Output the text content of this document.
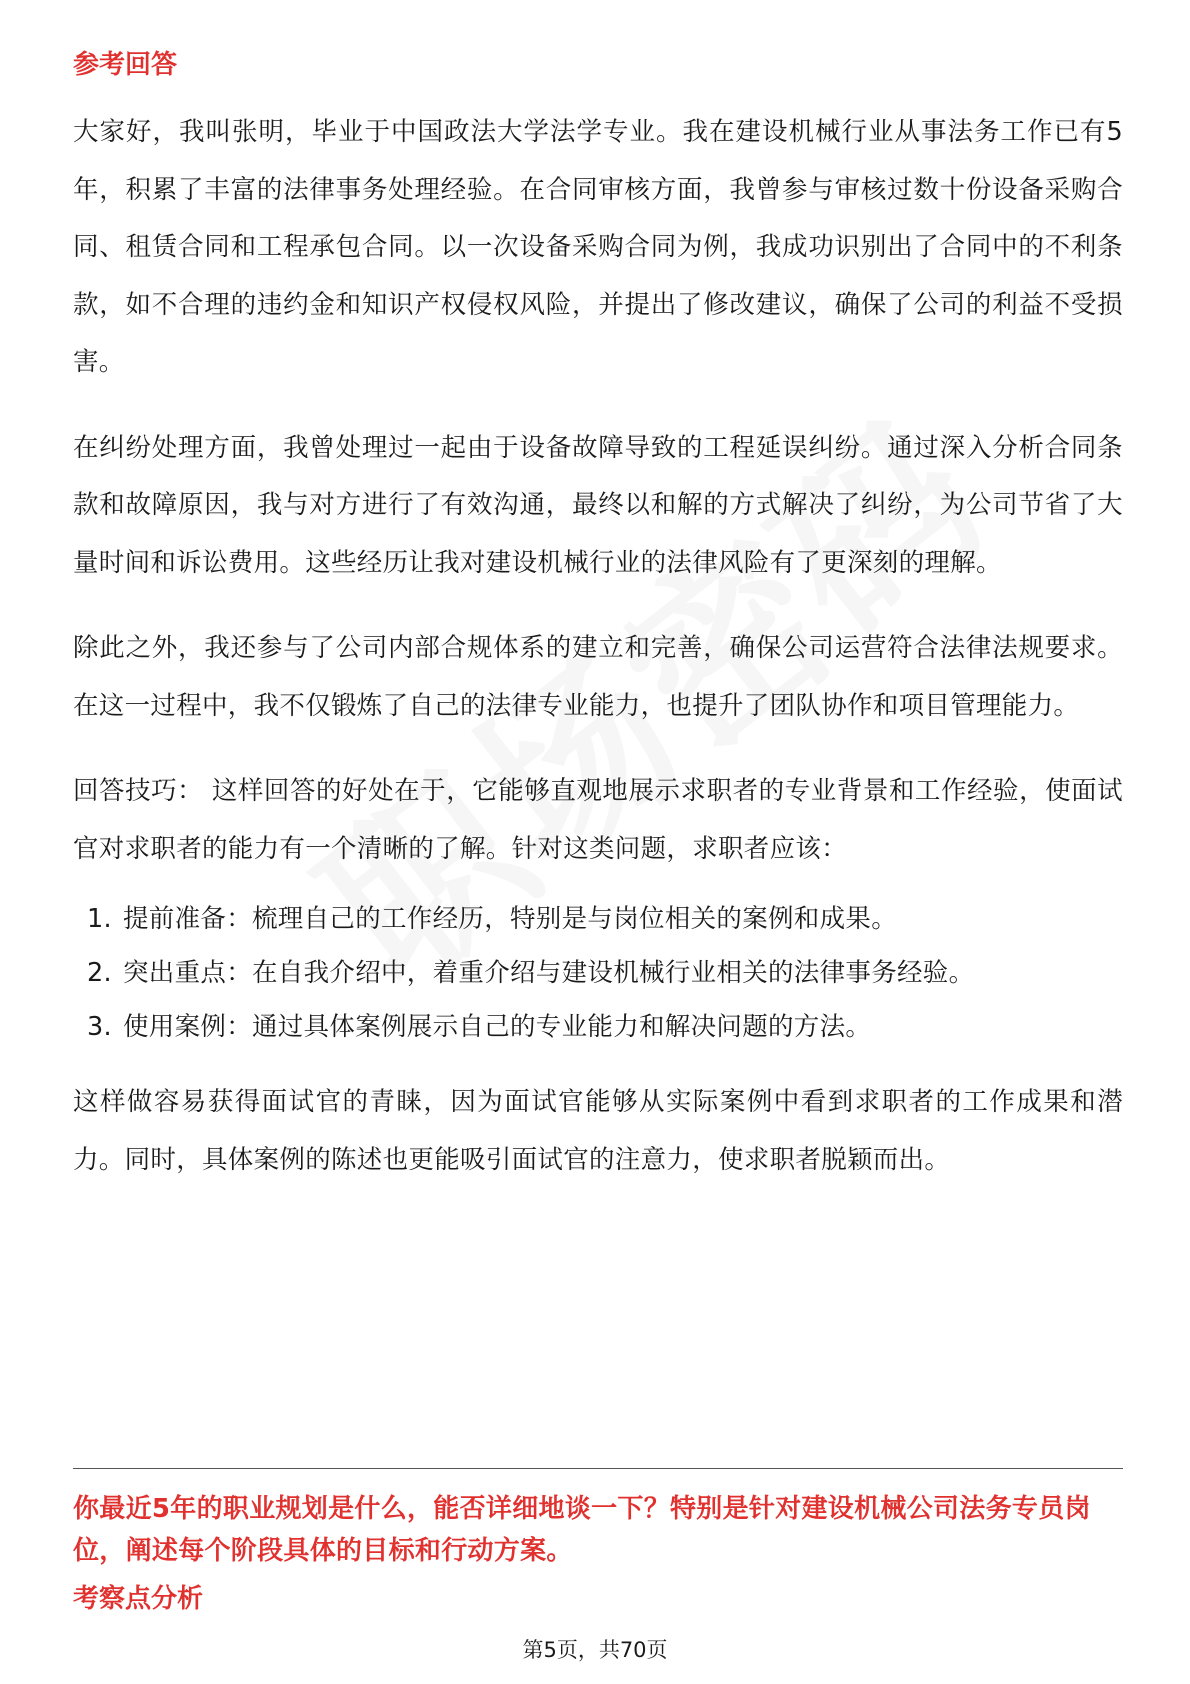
参考回答

大家好，我叫张明，毕业于中国政法大学法学专业。我在建设机械行业从事法务工作已有5年，积累了丰富的法律事务处理经验。在合同审核方面，我曾参与审核过数十份设备采购合同、租赁合同和工程承包合同。以一次设备采购合同为例，我成功识别出了合同中的不利条款，如不合理的违约金和知识产权侵权风险，并提出了修改建议，确保了公司的利益不受损害。

在纠纷处理方面，我曾处理过一起由于设备故障导致的工程延误纠纷。通过深入分析合同条款和故障原因，我与对方进行了有效沟通，最终以和解的方式解决了纠纷，为公司节省了大量时间和诉讼费用。这些经历让我对建设机械行业的法律风险有了更深刻的理解。

除此之外，我还参与了公司内部合规体系的建立和完善，确保公司运营符合法律法规要求。在这一过程中，我不仅锻炼了自己的法律专业能力，也提升了团队协作和项目管理能力。

回答技巧： 这样回答的好处在于，它能够直观地展示求职者的专业背景和工作经验，使面试官对求职者的能力有一个清晰的了解。针对这类问题，求职者应该：

1. 提前准备：梳理自己的工作经历，特别是与岗位相关的案例和成果。
2. 突出重点：在自我介绍中，着重介绍与建设机械行业相关的法律事务经验。
3. 使用案例：通过具体案例展示自己的专业能力和解决问题的方法。

这样做容易获得面试官的青睐，因为面试官能够从实际案例中看到求职者的工作成果和潜力。同时，具体案例的陈述也更能吸引面试官的注意力，使求职者脱颖而出。

你最近5年的职业规划是什么，能否详细地谈一下？特别是针对建设机械公司法务专员岗位，阐述每个阶段具体的目标和行动方案。
考察点分析
第5页，共70页
